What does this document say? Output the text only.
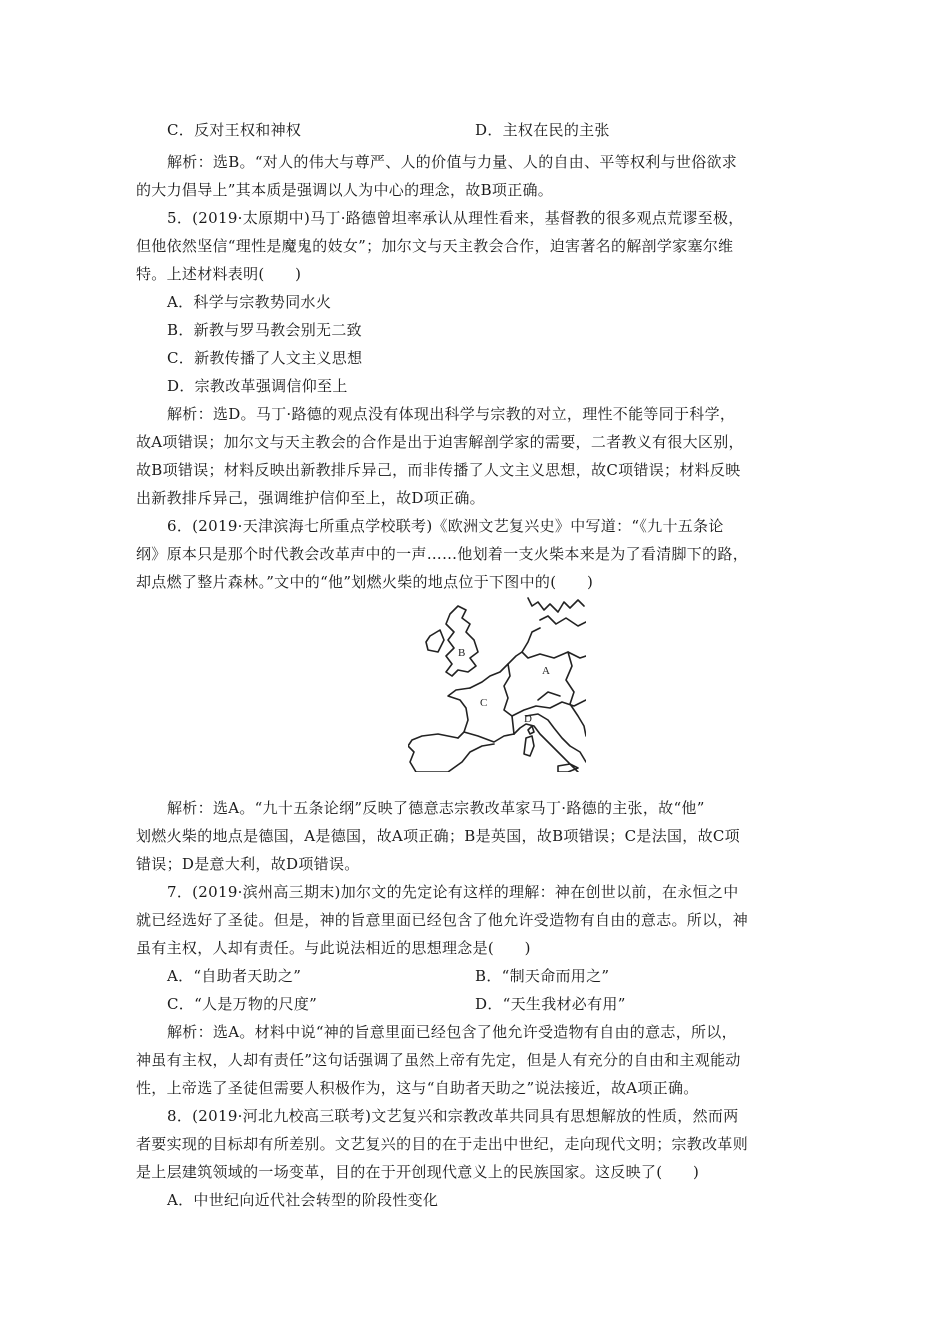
C．反对王权和神权	D．主权在民的主张
解析：选B。“对人的伟大与尊严、人的价值与力量、人的自由、平等权利与世俗欲求
的大力倡导上”其本质是强调以人为中心的理念，故B项正确。
5．(2019·太原期中)马丁·路德曾坦率承认从理性看来，基督教的很多观点荒谬至极，
但他依然坚信“理性是魔鬼的妓女”；加尔文与天主教会合作，迫害著名的解剖学家塞尔维
特。上述材料表明(　　)
A．科学与宗教势同水火
B．新教与罗马教会别无二致
C．新教传播了人文主义思想
D．宗教改革强调信仰至上
解析：选D。马丁·路德的观点没有体现出科学与宗教的对立，理性不能等同于科学，
故A项错误；加尔文与天主教会的合作是出于迫害解剖学家的需要，二者教义有很大区别，
故B项错误；材料反映出新教排斥异己，而非传播了人文主义思想，故C项错误；材料反映
出新教排斥异己，强调维护信仰至上，故D项正确。
6．(2019·天津滨海七所重点学校联考)《欧洲文艺复兴史》中写道：“《九十五条论
纲》原本只是那个时代教会改革声中的一声……他划着一支火柴本来是为了看清脚下的路，
却点燃了整片森林。”文中的“他”划燃火柴的地点位于下图中的(　　)
A
B
C
D
解析：选A。“九十五条论纲”反映了德意志宗教改革家马丁·路德的主张，故“他”
划燃火柴的地点是德国，A是德国，故A项正确；B是英国，故B项错误；C是法国，故C项
错误；D是意大利，故D项错误。
7．(2019·滨州高三期末)加尔文的先定论有这样的理解：神在创世以前，在永恒之中
就已经选好了圣徒。但是，神的旨意里面已经包含了他允许受造物有自由的意志。所以，神
虽有主权，人却有责任。与此说法相近的思想理念是(　　)
A．“自助者天助之”	B．“制天命而用之”
C．“人是万物的尺度”	D．“天生我材必有用”
解析：选A。材料中说“神的旨意里面已经包含了他允许受造物有自由的意志，所以，
神虽有主权，人却有责任”这句话强调了虽然上帝有先定，但是人有充分的自由和主观能动
性，上帝选了圣徒但需要人积极作为，这与“自助者天助之”说法接近，故A项正确。
8．(2019·河北九校高三联考)文艺复兴和宗教改革共同具有思想解放的性质，然而两
者要实现的目标却有所差别。文艺复兴的目的在于走出中世纪，走向现代文明；宗教改革则
是上层建筑领域的一场变革，目的在于开创现代意义上的民族国家。这反映了(　　)
A．中世纪向近代社会转型的阶段性变化
